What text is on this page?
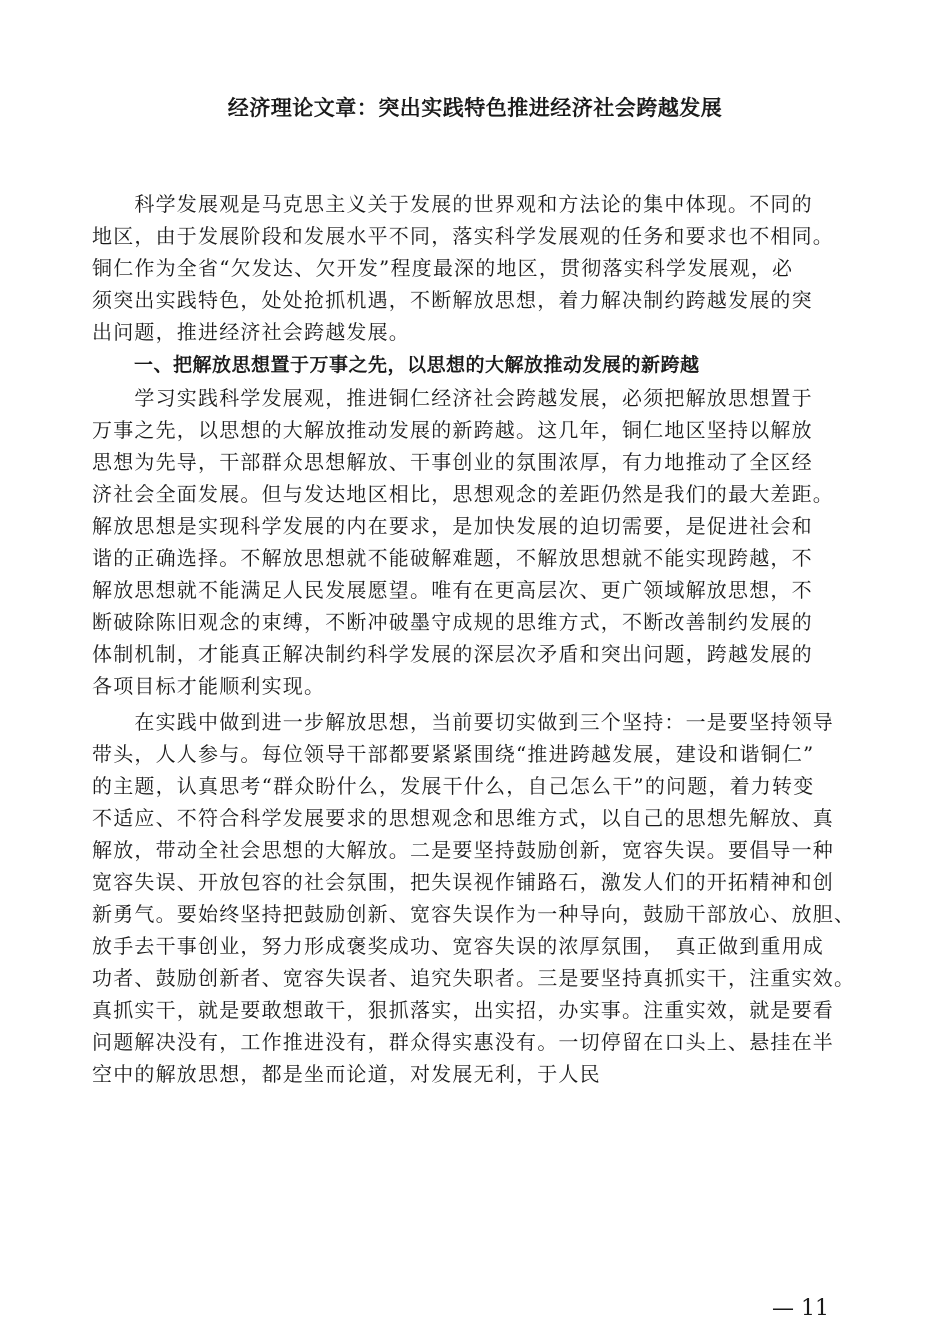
经济理论文章：突出实践特色推进经济社会跨越发展
　　科学发展观是马克思主义关于发展的世界观和方法论的集中体现。不同的
地区，由于发展阶段和发展水平不同，落实科学发展观的任务和要求也不相同。
铜仁作为全省“欠发达、欠开发”程度最深的地区，贯彻落实科学发展观，必
须突出实践特色，处处抢抓机遇，不断解放思想，着力解决制约跨越发展的突
出问题，推进经济社会跨越发展。
一、把解放思想置于万事之先，以思想的大解放推动发展的新跨越
　　学习实践科学发展观，推进铜仁经济社会跨越发展，必须把解放思想置于
万事之先，以思想的大解放推动发展的新跨越。这几年，铜仁地区坚持以解放
思想为先导，干部群众思想解放、干事创业的氛围浓厚，有力地推动了全区经
济社会全面发展。但与发达地区相比，思想观念的差距仍然是我们的最大差距。
解放思想是实现科学发展的内在要求，是加快发展的迫切需要，是促进社会和
谐的正确选择。不解放思想就不能破解难题，不解放思想就不能实现跨越，不
解放思想就不能满足人民发展愿望。唯有在更高层次、更广领域解放思想，不
断破除陈旧观念的束缚，不断冲破墨守成规的思维方式，不断改善制约发展的
体制机制，才能真正解决制约科学发展的深层次矛盾和突出问题，跨越发展的
各项目标才能顺利实现。
　　在实践中做到进一步解放思想，当前要切实做到三个坚持：一是要坚持领导
带头，人人参与。每位领导干部都要紧紧围绕“推进跨越发展，建设和谐铜仁”
的主题，认真思考“群众盼什么，发展干什么，自己怎么干”的问题，着力转变
不适应、不符合科学发展要求的思想观念和思维方式，以自己的思想先解放、真
解放，带动全社会思想的大解放。二是要坚持鼓励创新，宽容失误。要倡导一种
宽容失误、开放包容的社会氛围，把失误视作铺路石，激发人们的开拓精神和创
新勇气。要始终坚持把鼓励创新、宽容失误作为一种导向，鼓励干部放心、放胆、
放手去干事创业，努力形成褒奖成功、宽容失误的浓厚氛围，　真正做到重用成
功者、鼓励创新者、宽容失误者、追究失职者。三是要坚持真抓实干，注重实效。
真抓实干，就是要敢想敢干，狠抓落实，出实招，办实事。注重实效，就是要看
问题解决没有，工作推进没有，群众得实惠没有。一切停留在口头上、悬挂在半
空中的解放思想，都是坐而论道，对发展无利，于人民
— 11
